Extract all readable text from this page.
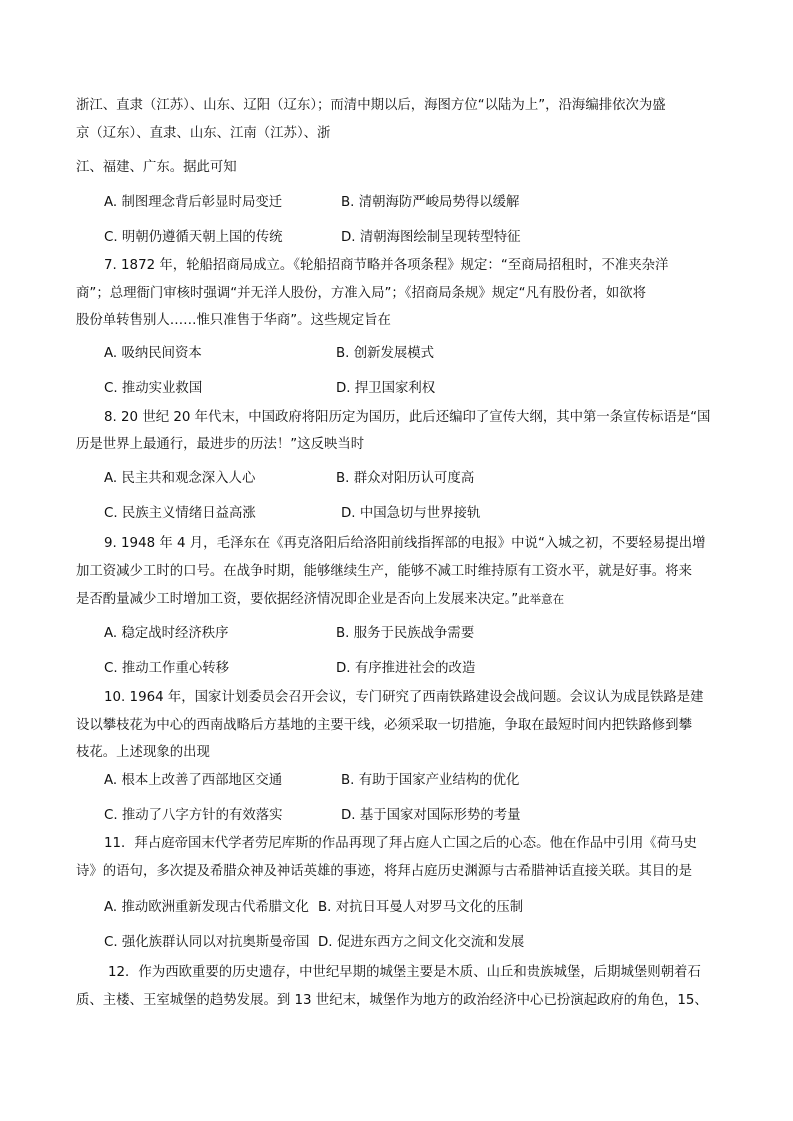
浙江、直隶（江苏）、山东、辽阳（辽东）；而清中期以后，海图方位“以陆为上”，沿海编排依次为盛
京（辽东）、直隶、山东、江南（江苏）、浙
江、福建、广东。据此可知
A. 制图理念背后彰显时局变迁	B. 清朝海防严峻局势得以缓解
C. 明朝仍遵循天朝上国的传统	D. 清朝海图绘制呈现转型特征
7. 1872 年，轮船招商局成立。《轮船招商节略并各项条程》规定：“至商局招租时，不准夹杂洋
商”；总理衙门审核时强调“并无洋人股份，方准入局”；《招商局条规》规定“凡有股份者，如欲将
股份单转售别人……惟只准售于华商”。这些规定旨在
A. 吸纳民间资本	B. 创新发展模式
C. 推动实业救国	D. 捍卫国家利权
8. 20 世纪 20 年代末，中国政府将阳历定为国历，此后还编印了宣传大纲，其中第一条宣传标语是“国
历是世界上最通行，最进步的历法！”这反映当时
A. 民主共和观念深入人心	B. 群众对阳历认可度高
C. 民族主义情绪日益高涨	D. 中国急切与世界接轨
9. 1948 年 4 月，毛泽东在《再克洛阳后给洛阳前线指挥部的电报》中说“入城之初，不要轻易提出增
加工资减少工时的口号。在战争时期，能够继续生产，能够不减工时维持原有工资水平，就是好事。将来
是否酌量减少工时增加工资，要依据经济情况即企业是否向上发展来决定。”此举意在
A. 稳定战时经济秩序	B. 服务于民族战争需要
C. 推动工作重心转移	D. 有序推进社会的改造
10. 1964 年，国家计划委员会召开会议，专门研究了西南铁路建设会战问题。会议认为成昆铁路是建
设以攀枝花为中心的西南战略后方基地的主要干线，必须采取一切措施，争取在最短时间内把铁路修到攀
枝花。上述现象的出现
A. 根本上改善了西部地区交通	B. 有助于国家产业结构的优化
C. 推动了八字方针的有效落实	D. 基于国家对国际形势的考量
11．拜占庭帝国末代学者劳尼库斯的作品再现了拜占庭人亡国之后的心态。他在作品中引用《荷马史
诗》的语句，多次提及希腊众神及神话英雄的事迹，将拜占庭历史渊源与古希腊神话直接关联。其目的是
A. 推动欧洲重新发现古代希腊文化 B. 对抗日耳曼人对罗马文化的压制
C. 强化族群认同以对抗奥斯曼帝国 D. 促进东西方之间文化交流和发展
12．作为西欧重要的历史遗存，中世纪早期的城堡主要是木质、山丘和贵族城堡，后期城堡则朝着石
质、主楼、王室城堡的趋势发展。到 13 世纪末，城堡作为地方的政治经济中心已扮演起政府的角色，15、
